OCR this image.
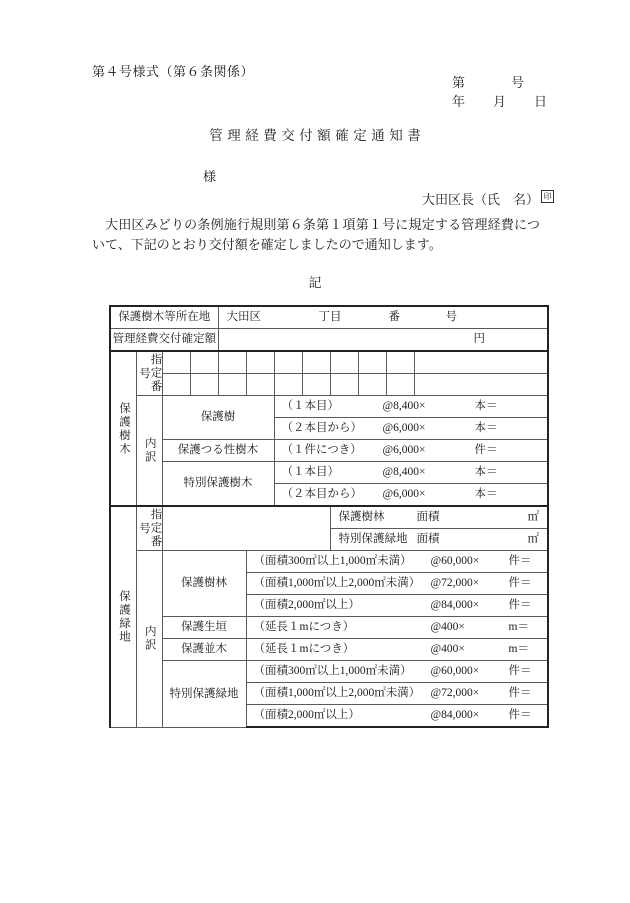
第４号様式（第６条関係）
第	号
年 月 日
管理経費交付額確定通知書
様
大田区長（氏　名） 印
大田区みどりの条例施行規則第６条第１項第１号に規定する管理経費について、下記のとおり交付額を確定しましたので通知します。
記
保護樹木等所在地				大田区 丁目 番 号							

管理経費交付確定額				円							

保護樹木	指定番号										

	内訳	保護樹				（１本目） @8,400× 本＝					

						（２本目から） @6,000× 本＝					

		保護つる性樹木				（１件につき） @6,000× 件＝					

		特別保護樹木				（１本目） @8,400× 本＝					

						（２本目から） @6,000× 本＝					

保護緑地	指定番号							保護樹林 面積 ㎡			

								特別保護緑地 面積 ㎡			

	内訳	保護樹林			（面積300㎡以上1,000㎡未満） @60,000× 件＝						

					（面積1,000㎡以上2,000㎡未満） @72,000× 件＝						

					（面積2,000㎡以上） @84,000× 件＝						

		保護生垣			（延長１mにつき） @400× m＝						

		保護並木			（延長１mにつき） @400× m＝						

		特別保護緑地			（面積300㎡以上1,000㎡未満） @60,000× 件＝						

					（面積1,000㎡以上2,000㎡未満） @72,000× 件＝						

					（面積2,000㎡以上） @84,000× 件＝						
